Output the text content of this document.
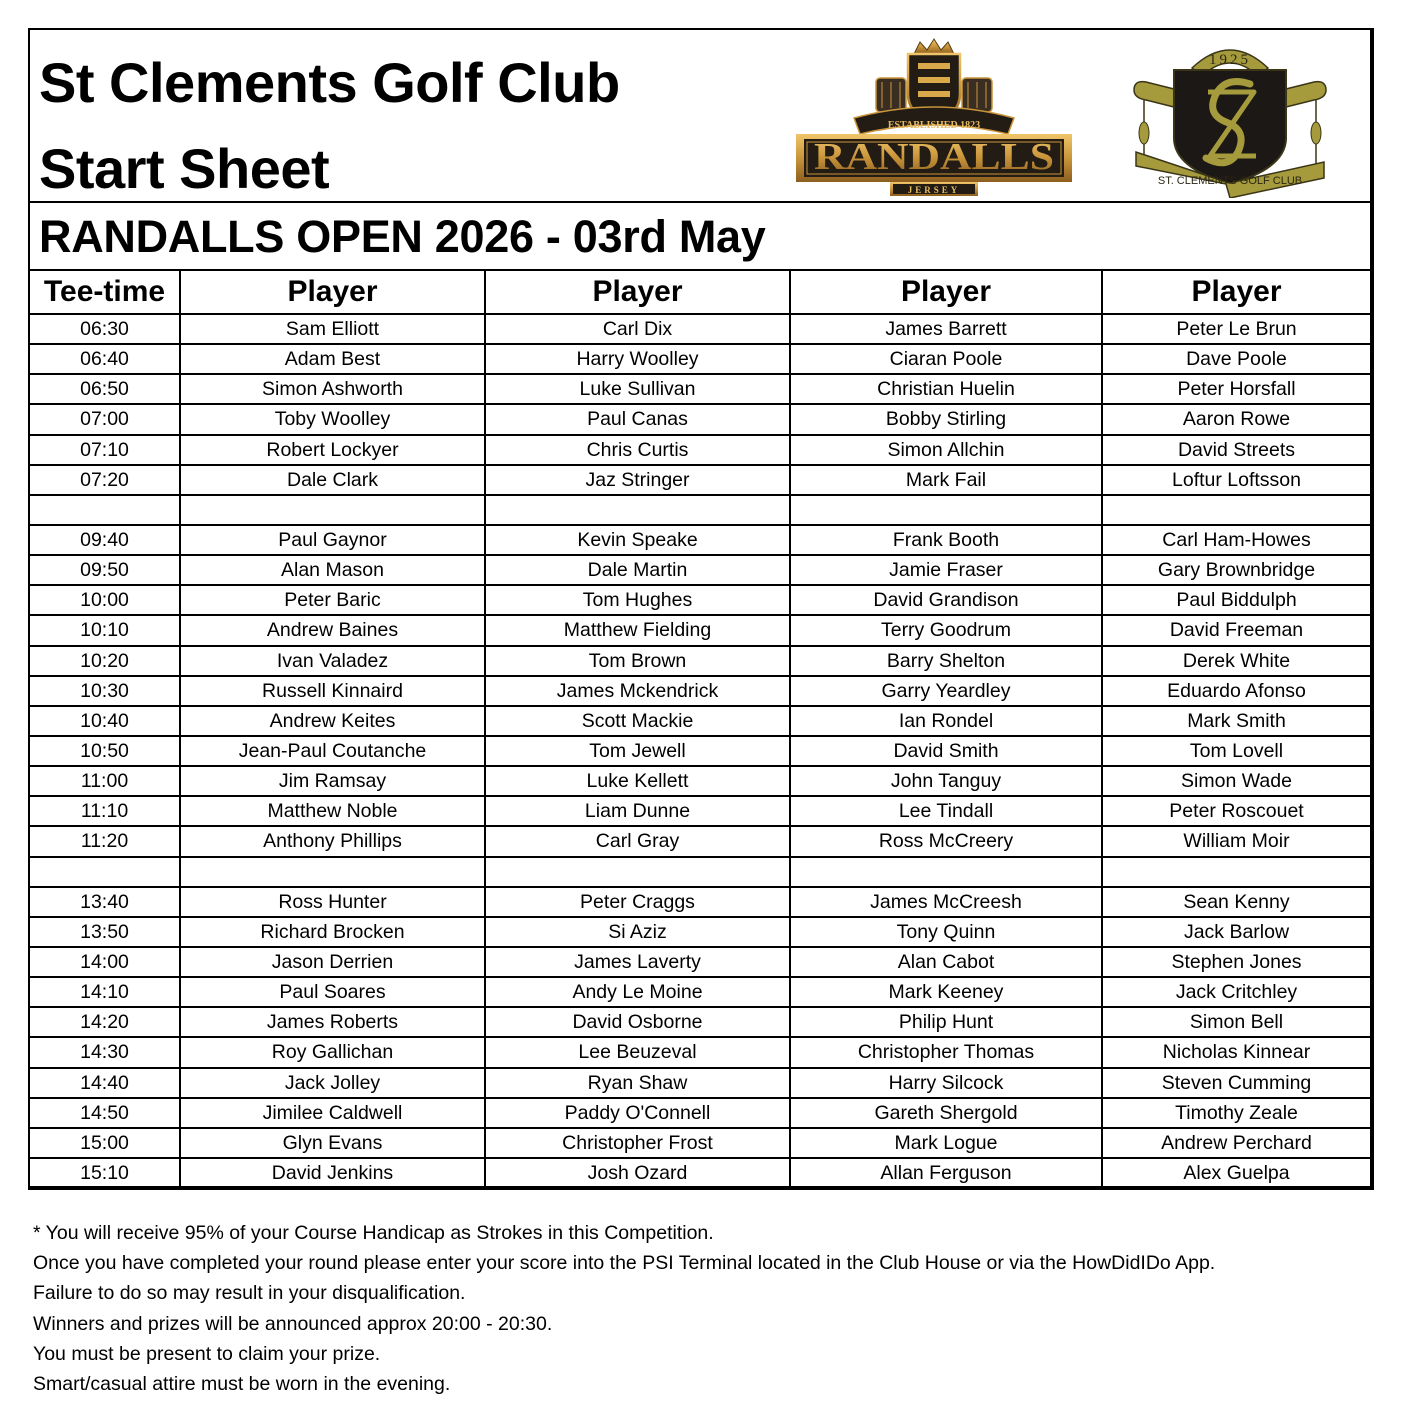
St Clements Golf Club
Start Sheet
ESTABLISHED 1823
RANDALLS
JERSEY
1925
ST. CLEMENTS GOLF CLUB
RANDALLS OPEN 2026 - 03rd May
Tee-time	Player	Player	Player	Player
06:30	Sam Elliott	Carl Dix	James Barrett	Peter Le Brun
06:40	Adam Best	Harry Woolley	Ciaran Poole	Dave Poole
06:50	Simon Ashworth	Luke Sullivan	Christian Huelin	Peter Horsfall
07:00	Toby Woolley	Paul Canas	Bobby Stirling	Aaron Rowe
07:10	Robert Lockyer	Chris Curtis	Simon Allchin	David Streets
07:20	Dale Clark	Jaz Stringer	Mark Fail	Loftur Loftsson

09:40	Paul Gaynor	Kevin Speake	Frank Booth	Carl Ham-Howes
09:50	Alan Mason	Dale Martin	Jamie Fraser	Gary Brownbridge
10:00	Peter Baric	Tom Hughes	David Grandison	Paul Biddulph
10:10	Andrew Baines	Matthew Fielding	Terry Goodrum	David Freeman
10:20	Ivan Valadez	Tom Brown	Barry Shelton	Derek White
10:30	Russell Kinnaird	James Mckendrick	Garry Yeardley	Eduardo Afonso
10:40	Andrew Keites	Scott Mackie	Ian Rondel	Mark Smith
10:50	Jean-Paul Coutanche	Tom Jewell	David Smith	Tom Lovell
11:00	Jim Ramsay	Luke Kellett	John Tanguy	Simon Wade
11:10	Matthew Noble	Liam Dunne	Lee Tindall	Peter Roscouet
11:20	Anthony Phillips	Carl Gray	Ross McCreery	William Moir

13:40	Ross Hunter	Peter Craggs	James McCreesh	Sean Kenny
13:50	Richard Brocken	Si Aziz	Tony Quinn	Jack Barlow
14:00	Jason Derrien	James Laverty	Alan Cabot	Stephen Jones
14:10	Paul Soares	Andy Le Moine	Mark Keeney	Jack Critchley
14:20	James Roberts	David Osborne	Philip Hunt	Simon Bell
14:30	Roy Gallichan	Lee Beuzeval	Christopher Thomas	Nicholas Kinnear
14:40	Jack Jolley	Ryan Shaw	Harry Silcock	Steven Cumming
14:50	Jimilee Caldwell	Paddy O'Connell	Gareth Shergold	Timothy Zeale
15:00	Glyn Evans	Christopher Frost	Mark Logue	Andrew Perchard
15:10	David Jenkins	Josh Ozard	Allan Ferguson	Alex Guelpa
* You will receive 95% of your Course Handicap as Strokes in this Competition.
Once you have completed your round please enter your score into the PSI Terminal located in the Club House or via the HowDidIDo App.
Failure to do so may result in your disqualification.
Winners and prizes will be announced approx 20:00 - 20:30.
You must be present to claim your prize.
Smart/casual attire must be worn in the evening.
